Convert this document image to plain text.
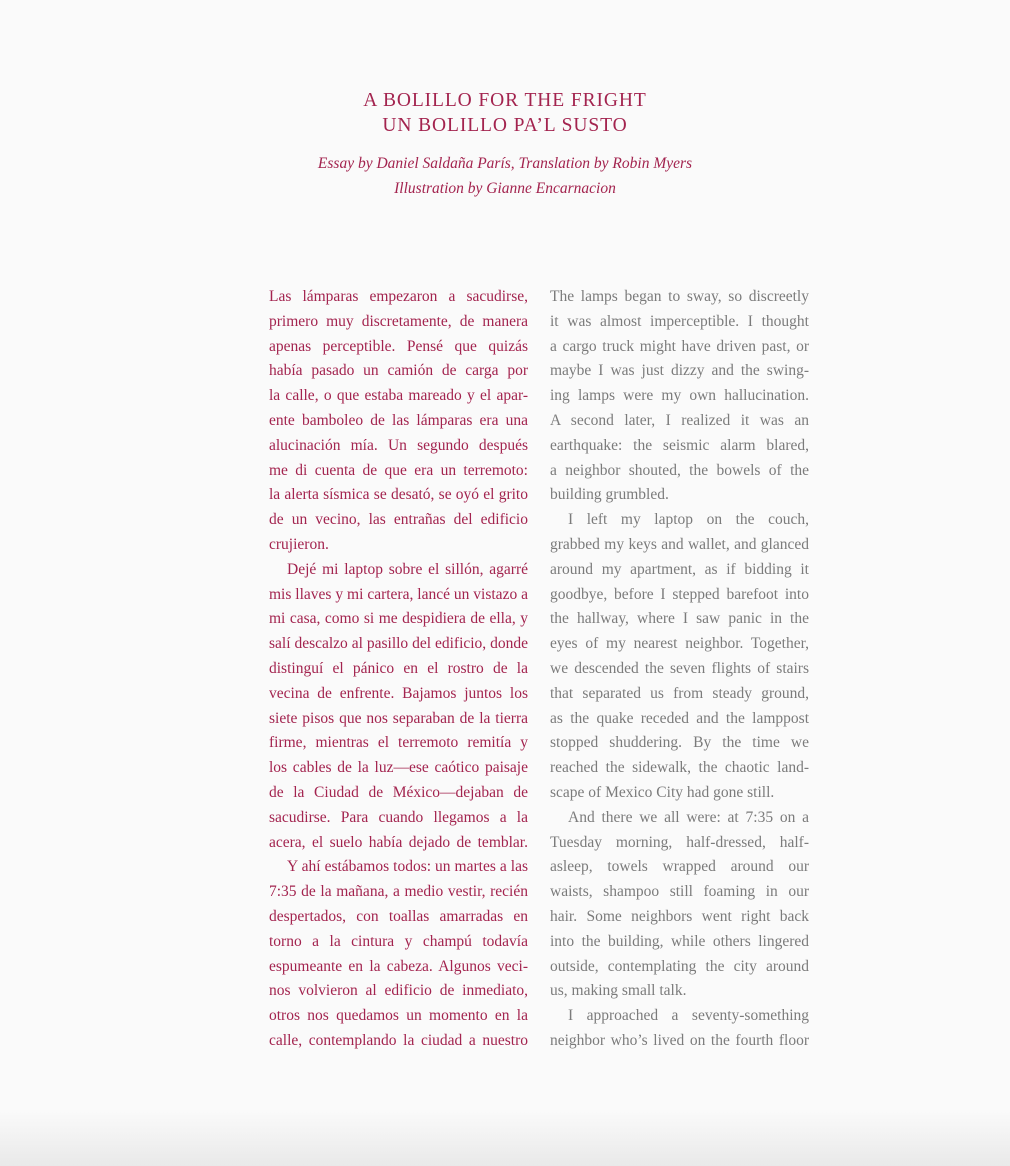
A BOLILLO FOR THE FRIGHT
UN BOLILLO PA’L SUSTO
Essay by Daniel Saldaña París, Translation by Robin Myers
Illustration by Gianne Encarnacion
Las lámparas empezaron a sacudirse,
primero muy discretamente, de manera
apenas perceptible. Pensé que quizás
había pasado un camión de carga por
la calle, o que estaba mareado y el apar-
ente bamboleo de las lámparas era una
alucinación mía. Un segundo después
me di cuenta de que era un terremoto:
la alerta sísmica se desató, se oyó el grito
de un vecino, las entrañas del edificio
crujieron.
Dejé mi laptop sobre el sillón, agarré
mis llaves y mi cartera, lancé un vistazo a
mi casa, como si me despidiera de ella, y
salí descalzo al pasillo del edificio, donde
distinguí el pánico en el rostro de la
vecina de enfrente. Bajamos juntos los
siete pisos que nos separaban de la tierra
firme, mientras el terremoto remitía y
los cables de la luz—ese caótico paisaje
de la Ciudad de México—dejaban de
sacudirse. Para cuando llegamos a la
acera, el suelo había dejado de temblar.
Y ahí estábamos todos: un martes a las
7:35 de la mañana, a medio vestir, recién
despertados, con toallas amarradas en
torno a la cintura y champú todavía
espumeante en la cabeza. Algunos veci-
nos volvieron al edificio de inmediato,
otros nos quedamos un momento en la
calle, contemplando la ciudad a nuestro
The lamps began to sway, so discreetly
it was almost imperceptible. I thought
a cargo truck might have driven past, or
maybe I was just dizzy and the swing-
ing lamps were my own hallucination.
A second later, I realized it was an
earthquake: the seismic alarm blared,
a neighbor shouted, the bowels of the
building grumbled.
I left my laptop on the couch,
grabbed my keys and wallet, and glanced
around my apartment, as if bidding it
goodbye, before I stepped barefoot into
the hallway, where I saw panic in the
eyes of my nearest neighbor. Together,
we descended the seven flights of stairs
that separated us from steady ground,
as the quake receded and the lamppost
stopped shuddering. By the time we
reached the sidewalk, the chaotic land-
scape of Mexico City had gone still.
And there we all were: at 7:35 on a
Tuesday morning, half-dressed, half-
asleep, towels wrapped around our
waists, shampoo still foaming in our
hair. Some neighbors went right back
into the building, while others lingered
outside, contemplating the city around
us, making small talk.
I approached a seventy-something
neighbor who’s lived on the fourth floor
